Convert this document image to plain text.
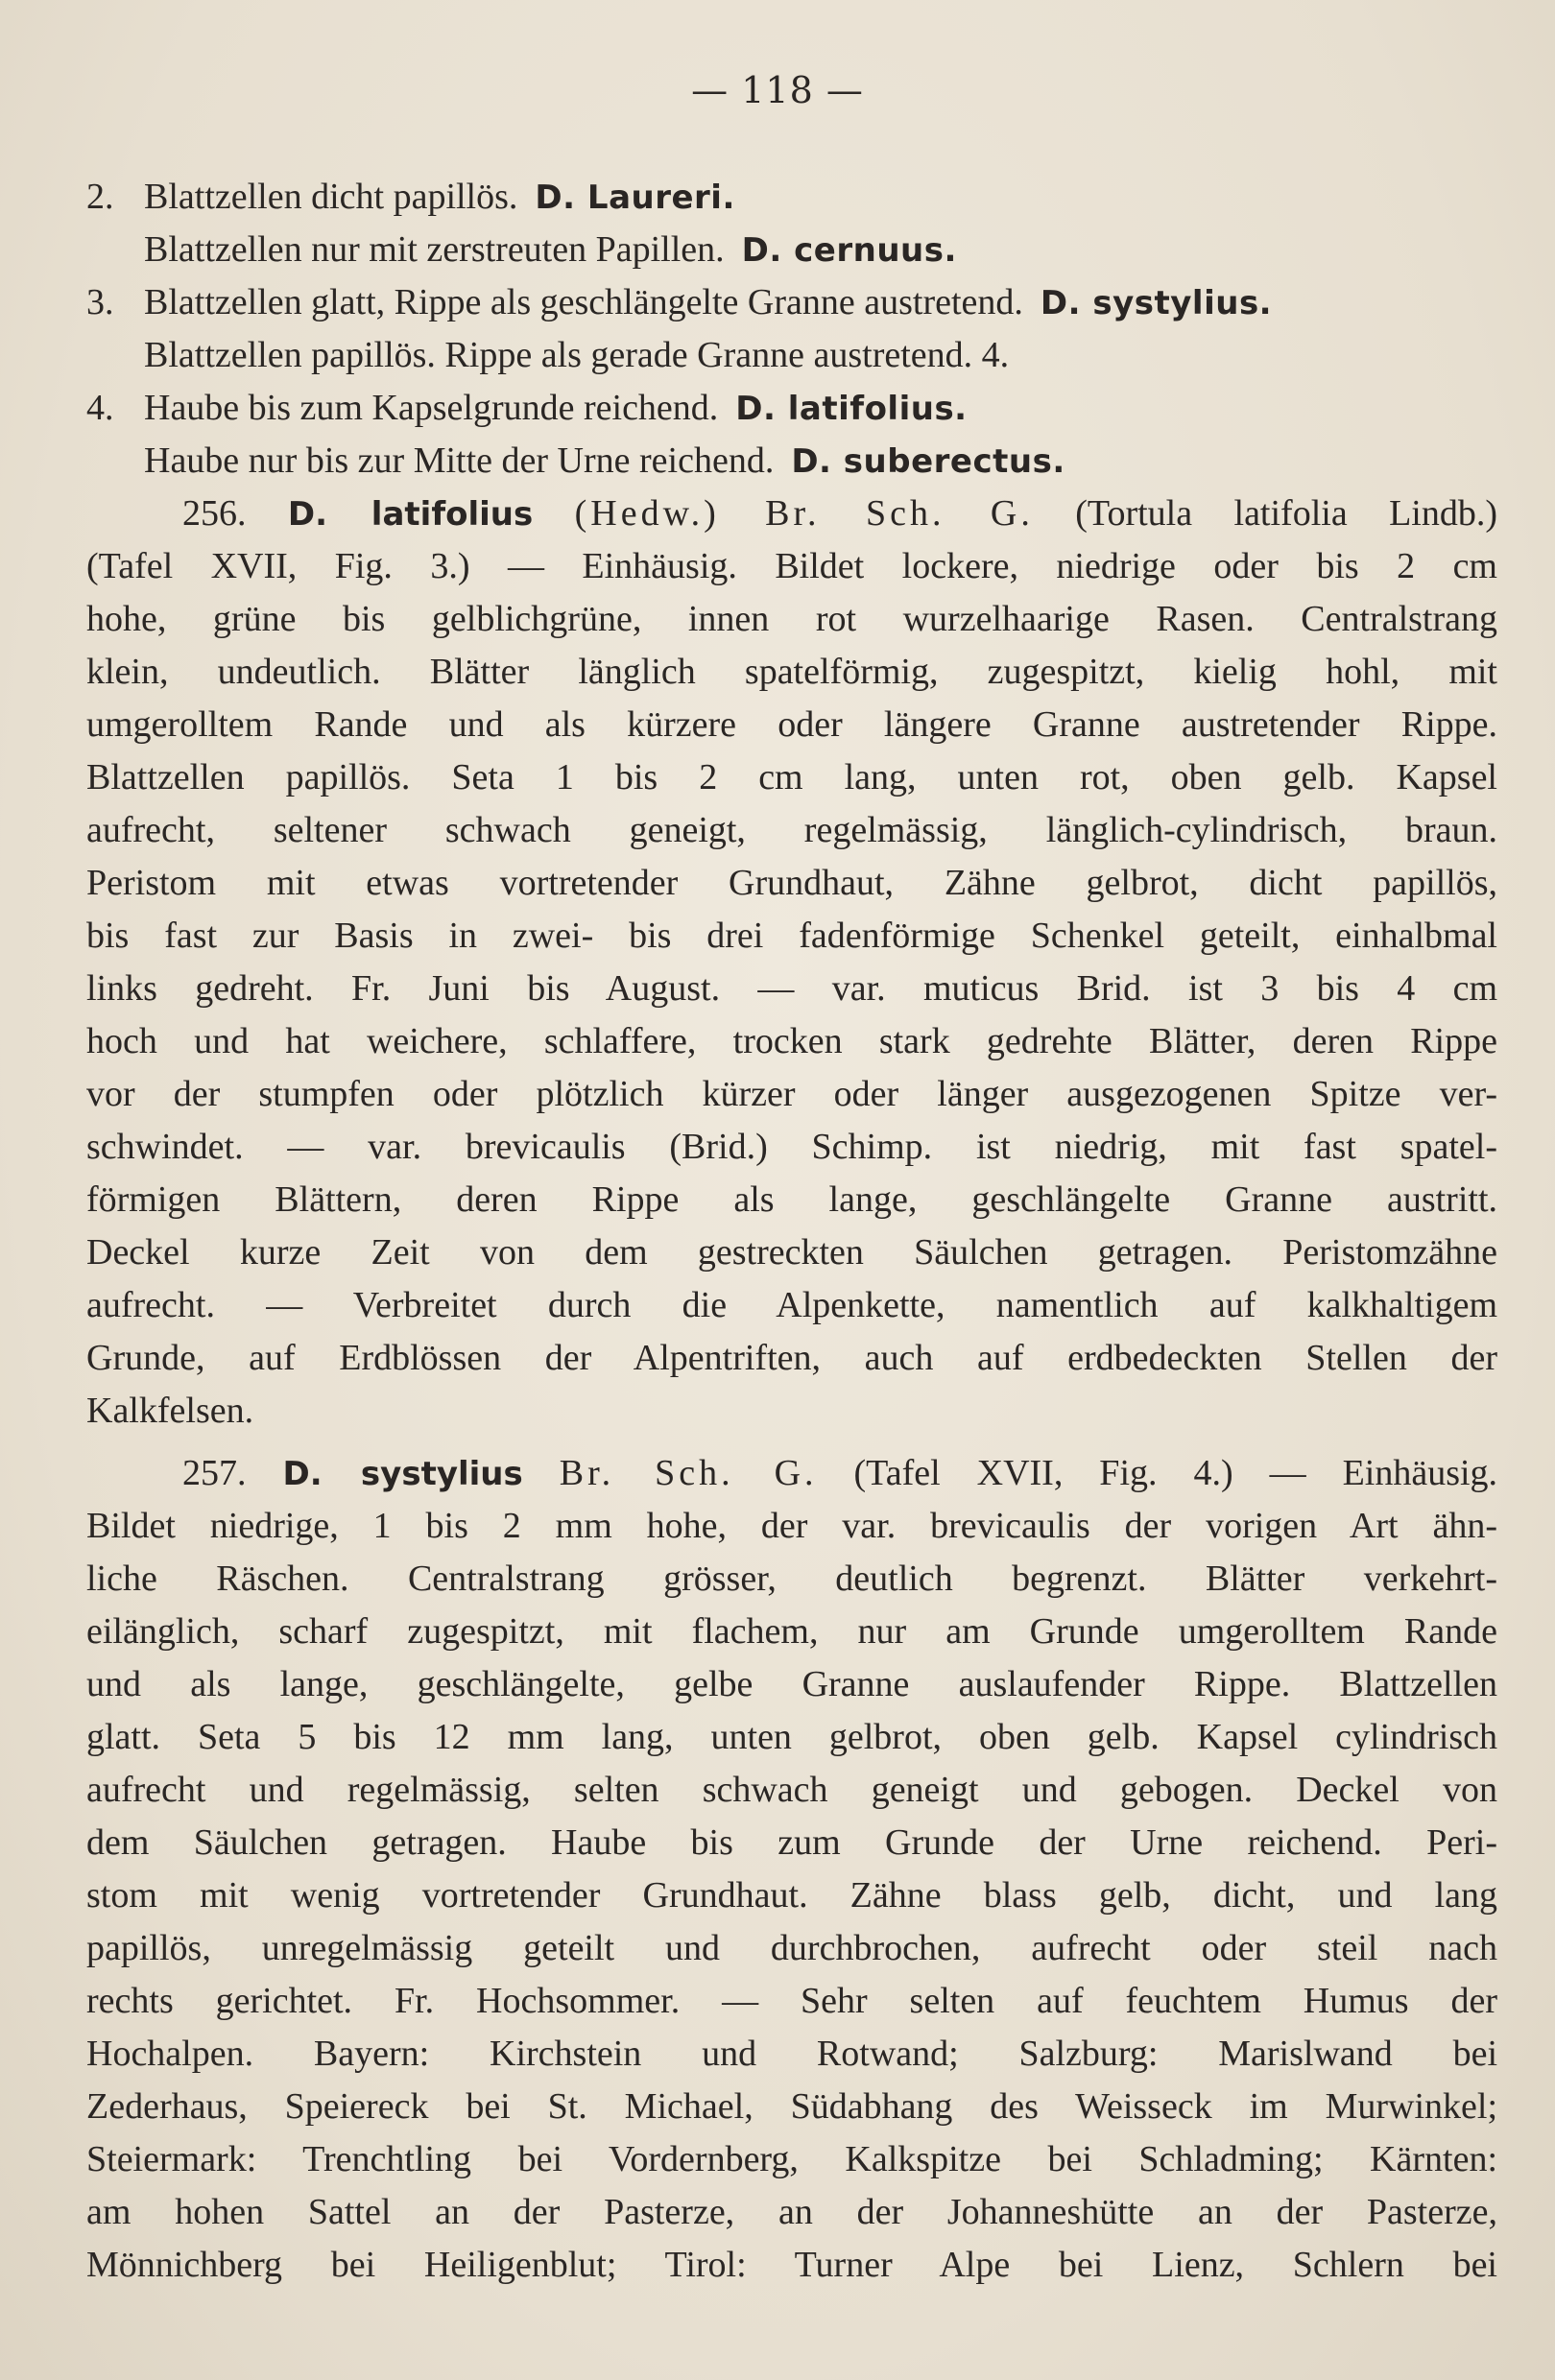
— 118 —
2. Blattzellen dicht papillös. D. Laureri.
Blattzellen nur mit zerstreuten Papillen. D. cernuus.
3. Blattzellen glatt, Rippe als geschlängelte Granne austretend. D. systylius.
Blattzellen papillös. Rippe als gerade Granne austretend. 4.
4. Haube bis zum Kapselgrunde reichend. D. latifolius.
Haube nur bis zur Mitte der Urne reichend. D. suberectus.
256. D. latifolius (Hedw.) Br. Sch. G. (Tortula latifolia Lindb.)
(Tafel XVII, Fig. 3.) — Einhäusig. Bildet lockere, niedrige oder bis 2 cm
hohe, grüne bis gelblichgrüne, innen rot wurzelhaarige Rasen. Centralstrang
klein, undeutlich. Blätter länglich spatelförmig, zugespitzt, kielig hohl, mit
umgerolltem Rande und als kürzere oder längere Granne austretender Rippe.
Blattzellen papillös. Seta 1 bis 2 cm lang, unten rot, oben gelb. Kapsel
aufrecht, seltener schwach geneigt, regelmässig, länglich-cylindrisch, braun.
Peristom mit etwas vortretender Grundhaut, Zähne gelbrot, dicht papillös,
bis fast zur Basis in zwei- bis drei fadenförmige Schenkel geteilt, einhalbmal
links gedreht. Fr. Juni bis August. — var. muticus Brid. ist 3 bis 4 cm
hoch und hat weichere, schlaffere, trocken stark gedrehte Blätter, deren Rippe
vor der stumpfen oder plötzlich kürzer oder länger ausgezogenen Spitze ver-
schwindet. — var. brevicaulis (Brid.) Schimp. ist niedrig, mit fast spatel-
förmigen Blättern, deren Rippe als lange, geschlängelte Granne austritt.
Deckel kurze Zeit von dem gestreckten Säulchen getragen. Peristomzähne
aufrecht. — Verbreitet durch die Alpenkette, namentlich auf kalkhaltigem
Grunde, auf Erdblössen der Alpentriften, auch auf erdbedeckten Stellen der
Kalkfelsen.
257. D. systylius Br. Sch. G. (Tafel XVII, Fig. 4.) — Einhäusig.
Bildet niedrige, 1 bis 2 mm hohe, der var. brevicaulis der vorigen Art ähn-
liche Räschen. Centralstrang grösser, deutlich begrenzt. Blätter verkehrt-
eilänglich, scharf zugespitzt, mit flachem, nur am Grunde umgerolltem Rande
und als lange, geschlängelte, gelbe Granne auslaufender Rippe. Blattzellen
glatt. Seta 5 bis 12 mm lang, unten gelbrot, oben gelb. Kapsel cylindrisch
aufrecht und regelmässig, selten schwach geneigt und gebogen. Deckel von
dem Säulchen getragen. Haube bis zum Grunde der Urne reichend. Peri-
stom mit wenig vortretender Grundhaut. Zähne blass gelb, dicht, und lang
papillös, unregelmässig geteilt und durchbrochen, aufrecht oder steil nach
rechts gerichtet. Fr. Hochsommer. — Sehr selten auf feuchtem Humus der
Hochalpen. Bayern: Kirchstein und Rotwand; Salzburg: Marislwand bei
Zederhaus, Speiereck bei St. Michael, Südabhang des Weisseck im Murwinkel;
Steiermark: Trenchtling bei Vordernberg, Kalkspitze bei Schladming; Kärnten:
am hohen Sattel an der Pasterze, an der Johanneshütte an der Pasterze,
Mönnichberg bei Heiligenblut; Tirol: Turner Alpe bei Lienz, Schlern bei
